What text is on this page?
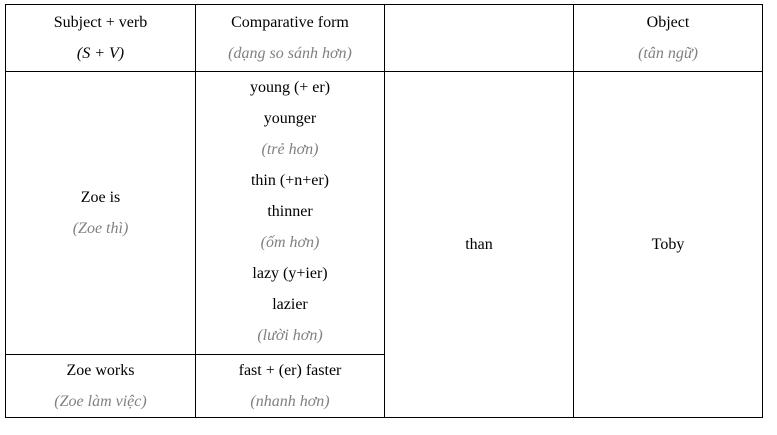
Subject + verb
(S + V)
Comparative form
(dạng so sánh hơn)
Object
(tân ngữ)
Zoe is
(Zoe thì)
young (+ er)
younger
(trẻ hơn)
thin (+n+er)
thinner
(ốm hơn)
lazy (y+ier)
lazier
(lười hơn)
Zoe works
(Zoe làm việc)
fast + (er) faster
(nhanh hơn)
than	Toby
